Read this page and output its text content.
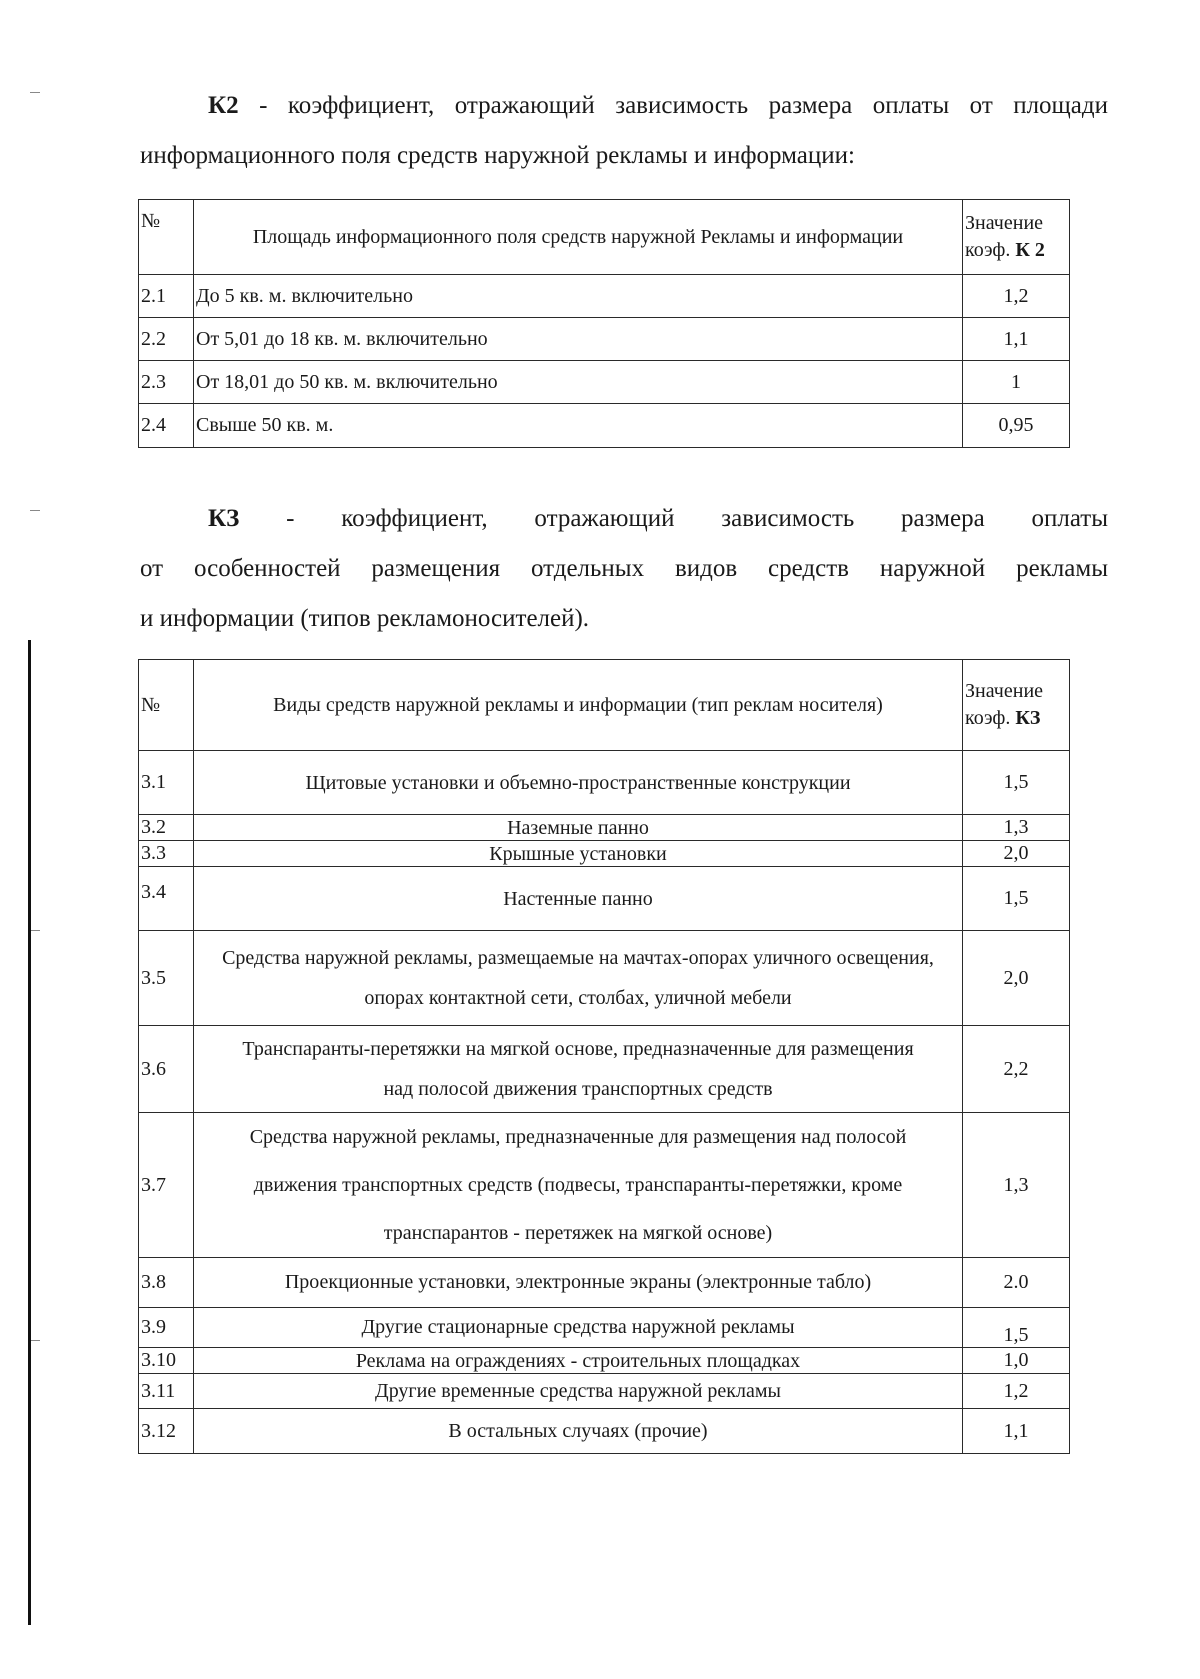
К2 - коэффициент, отражающий зависимость размера оплаты от площади информационного поля средств наружной рекламы и информации:

№	Площадь информационного поля средств наружной Рекламы и информации	Значение коэф. К 2
2.1	До 5 кв. м. включительно	1,2
2.2	От 5,01 до 18 кв. м. включительно	1,1
2.3	От 18,01 до 50 кв. м. включительно	1
2.4	Свыше 50 кв. м.	0,95

КЗ - коэффициент, отражающий зависимость размера оплаты
от особенностей размещения отдельных видов средств наружной рекламы
и информации (типов рекламоносителей).

№	Виды средств наружной рекламы и информации (тип реклам носителя)	Значение коэф. КЗ
3.1	Щитовые установки и объемно-пространственные конструкции	1,5
3.2	Наземные панно	1,3
3.3	Крышные установки	2,0
3.4	Настенные панно	1,5
3.5	Средства наружной рекламы, размещаемые на мачтах-опорах уличного освещения, опорах контактной сети, столбах, уличной мебели	2,0
3.6	Транспаранты-перетяжки на мягкой основе, предназначенные для размещения над полосой движения транспортных средств	2,2
3.7	Средства наружной рекламы, предназначенные для размещения над полосой движения транспортных средств (подвесы, транспаранты-перетяжки, кроме транспарантов - перетяжек на мягкой основе)	1,3
3.8	Проекционные установки, электронные экраны (электронные табло)	2.0
3.9	Другие стационарные средства наружной рекламы	1,5
3.10	Реклама на ограждениях - строительных площадках	1,0
3.11	Другие временные средства наружной рекламы	1,2
3.12	В остальных случаях (прочие)	1,1
